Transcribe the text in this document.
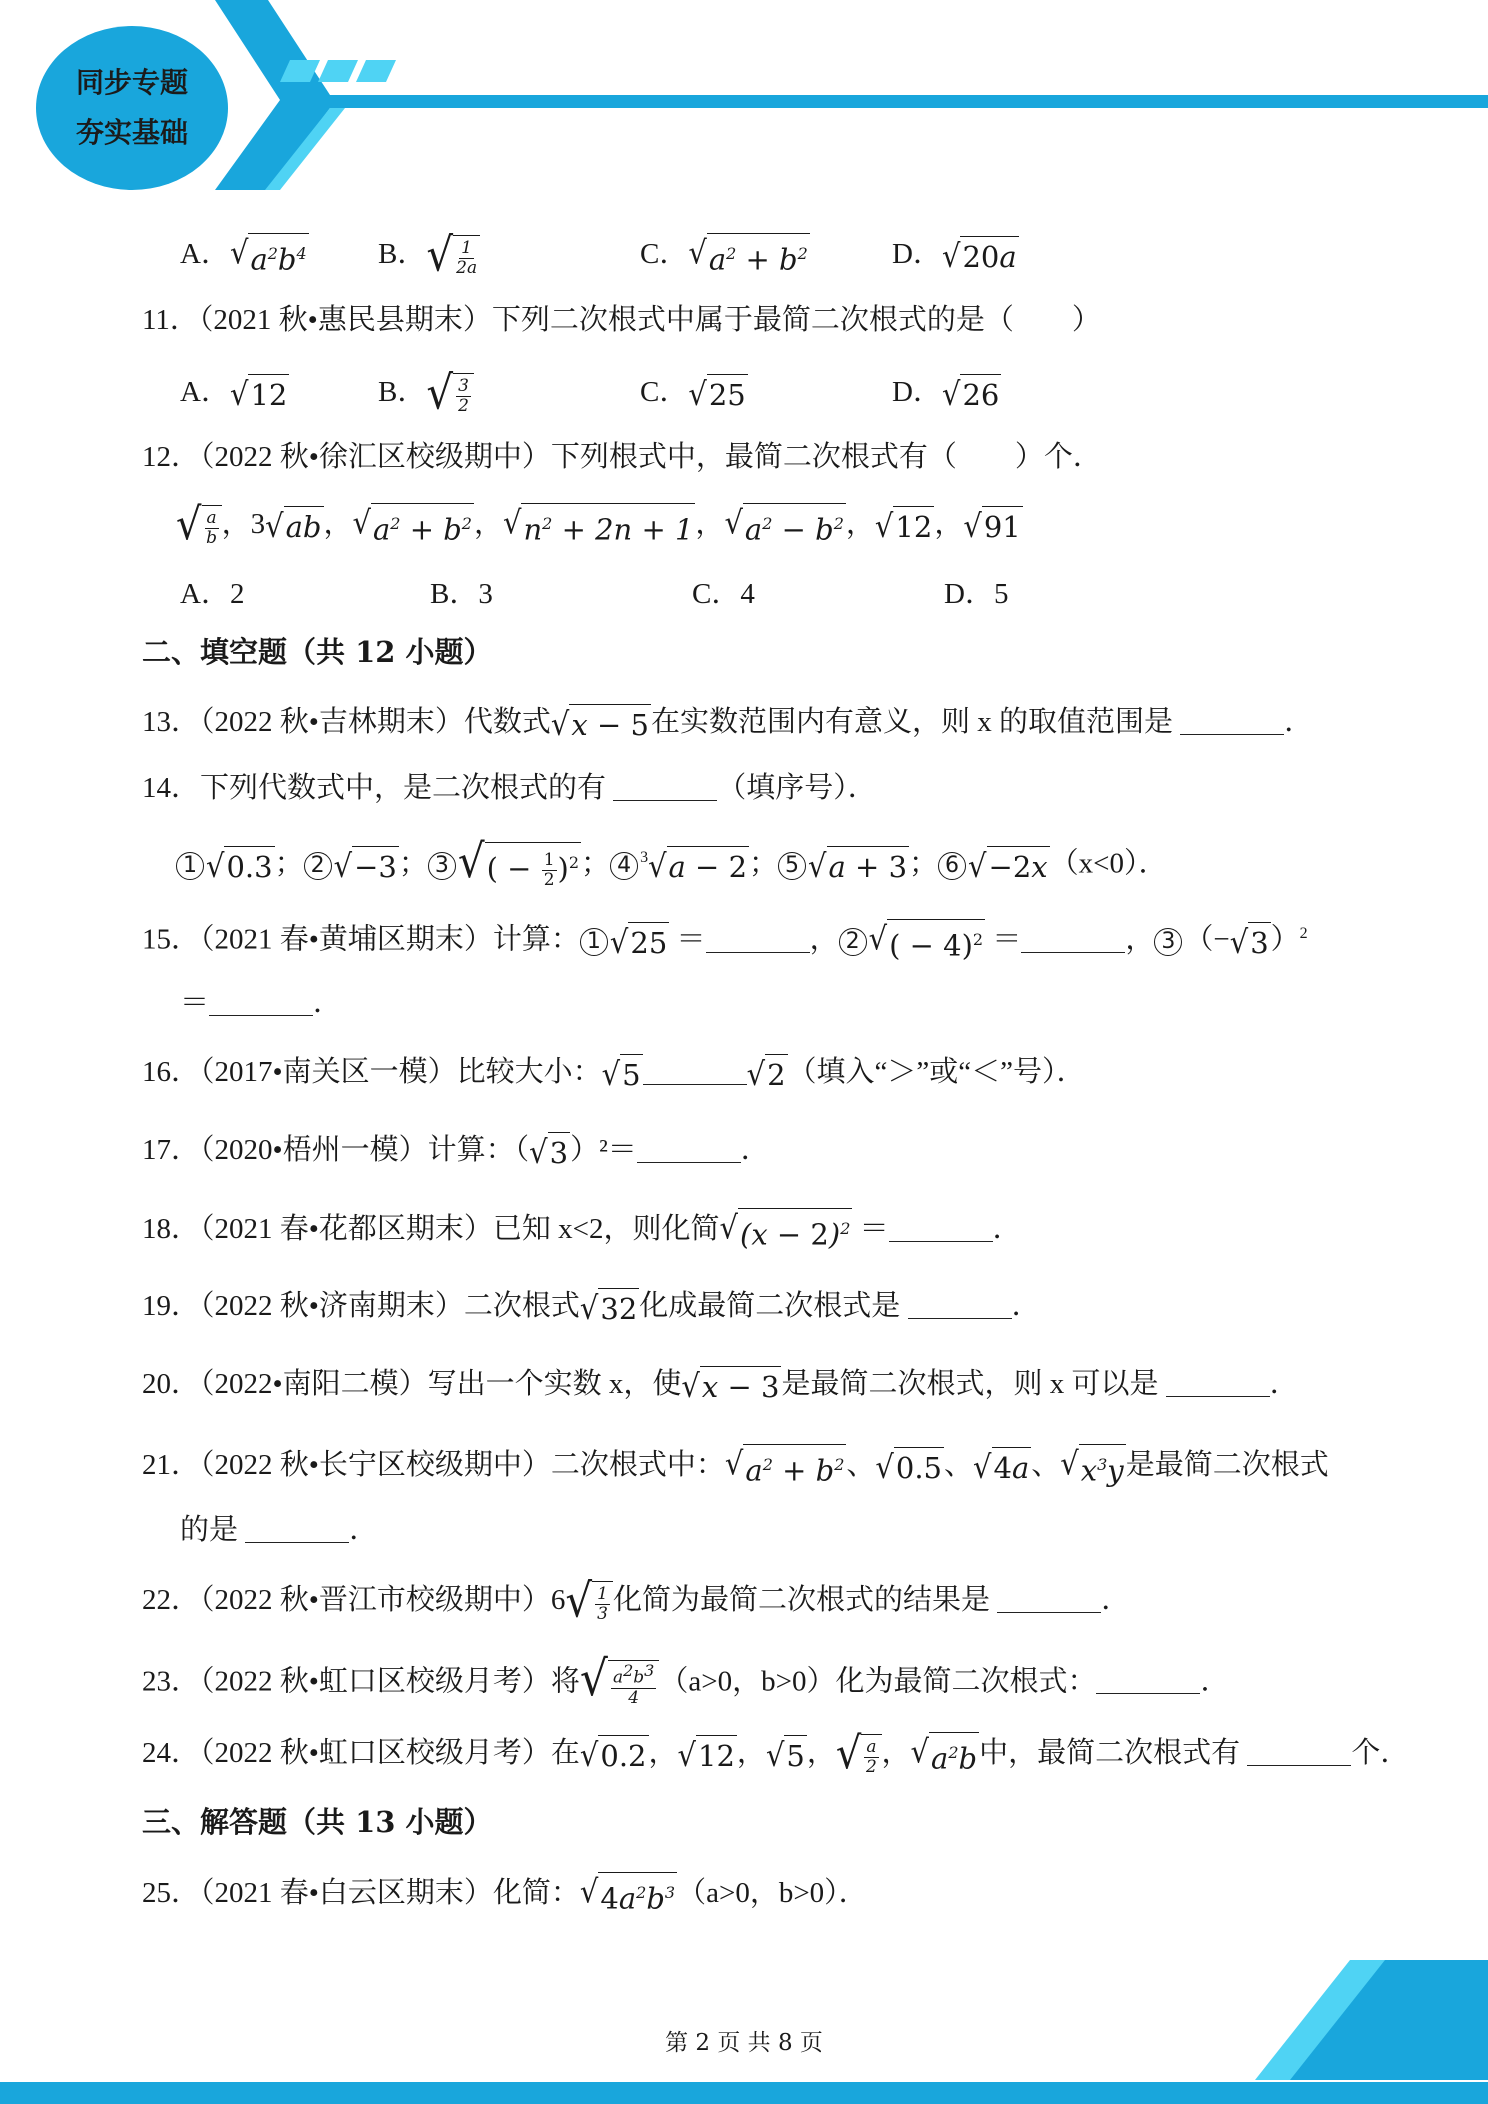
同步专题
夯实基础
A． √ $a^2b^4$ B． √ $\frac{1}{2a}$	C． √ $a^2 + b^2$	D． √ 20a
11．（2021 秋•惠民县期末）下列二次根式中属于最简二次根式的是（　　）
A． √ 12	B． √ $\frac{3}{2}$	C． √ 25	D． √ 26
12．（2022 秋•徐汇区校级期中）下列根式中，最简二次根式有（　　）个．
√ $\frac{a}{b}$ ，3 √ ab ， √ $a^2 + b^2$ ， √ $n^2 + 2n + 1$ ， √ $a^2 - b^2$ ， √ 12 ， √ 91
A．2	B．3	C．4	D．5
二、填空题（共 12 小题）
13．（2022 秋•吉林期末）代数式 √ x − 5 在实数范围内有意义，则 x 的取值范围是	．
14．下列代数式中，是二次根式的有	（填序号）．
1 √ 0.3 ； 2 √ −3 ； 3 √ ( − $\frac{1}{2} )^2$ ； 4 $^3$ √ a − 2 ； 5 √ a + 3 ； 6 √ −2x （x<0）．
15．（2021 春•黄埔区期末）计算： 1 √ 25 ＝	， 2 √ ( − 4)$^2$ ＝	， 3 （− √ 3 ）$^2$
＝	．
16．（2017•南关区一模）比较大小： √ 5	√ 2 （填入“＞”或“＜”号）．
17．（2020•梧州一模）计算：（ √ 3 ）²＝	．
18．（2021 春•花都区期末）已知 x<2，则化简 √ $(x - 2)^2$ ＝	．
19．（2022 秋•济南期末）二次根式 √ 32 化成最简二次根式是	．
20．（2022•南阳二模）写出一个实数 x，使 √ x − 3 是最简二次根式，则 x 可以是	．
21．（2022 秋•长宁区校级期中）二次根式中： √ $a^2 + b^2$ 、 √ 0.5 、 √ 4a 、 √ $x^3y$ 是最简二次根式
的是	．
22．（2022 秋•晋江市校级期中）6 √ $\frac{1}{3}$ 化简为最简二次根式的结果是	．
23．（2022 秋•虹口区校级月考）将 √ $\frac{a^2b^3}{4} (a>0$，b>0）化为最简二次根式：	．
24．（2022 秋•虹口区校级月考）在 √ 0.2 ， √ 12 ， √ 5 ， √ $\frac{a}{2}$ ， √ $a^2b$ 中，最简二次根式有	个．
三、解答题（共 13 小题）
25．（2021 春•白云区期末）化简： √ $4a^2b^3$ （a>0，b>0）．
第 2 页 共 8 页
